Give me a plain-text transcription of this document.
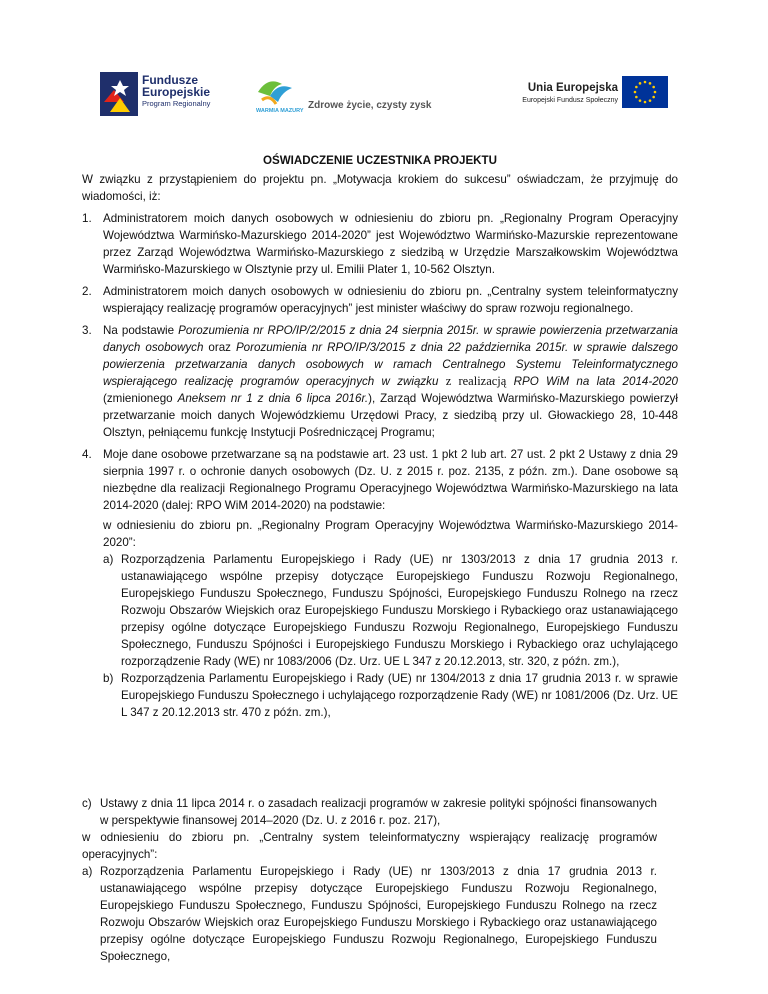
Fundusze
Europejskie
Program Regionalny
WARMIA MAZURY Zdrowe życie, czysty zysk
Unia Europejska
Europejski Fundusz Społeczny
OŚWIADCZENIE UCZESTNIKA PROJEKTU

W związku z przystąpieniem do projektu pn. „Motywacja krokiem do sukcesu” oświadczam, że przyjmuję do wiadomości, iż:

1. Administratorem moich danych osobowych w odniesieniu do zbioru pn. „Regionalny Program Operacyjny Województwa Warmińsko-Mazurskiego 2014-2020” jest Województwo Warmińsko-Mazurskie reprezentowane przez Zarząd Województwa Warmińsko-Mazurskiego z siedzibą w Urzędzie Marszałkowskim Województwa Warmińsko-Mazurskiego w Olsztynie przy ul. Emilii Plater 1, 10-562 Olsztyn.
2. Administratorem moich danych osobowych w odniesieniu do zbioru pn. „Centralny system teleinformatyczny wspierający realizację programów operacyjnych” jest minister właściwy do spraw rozwoju regionalnego.
3. Na podstawie Porozumienia nr RPO/IP/2/2015 z dnia 24 sierpnia 2015r. w sprawie powierzenia przetwarzania danych osobowych oraz Porozumienia nr RPO/IP/3/2015 z dnia 22 października 2015r. w sprawie dalszego powierzenia przetwarzania danych osobowych w ramach Centralnego Systemu Teleinformatycznego wspierającego realizację programów operacyjnych w związku z realizacją RPO WiM na lata 2014-2020 (zmienionego Aneksem nr 1 z dnia 6 lipca 2016r.), Zarząd Województwa Warmińsko-Mazurskiego powierzył przetwarzanie moich danych Wojewódzkiemu Urzędowi Pracy, z siedzibą przy ul. Głowackiego 28, 10-448 Olsztyn, pełniącemu funkcję Instytucji Pośredniczącej Programu;
4. Moje dane osobowe przetwarzane są na podstawie art. 23 ust. 1 pkt 2 lub art. 27 ust. 2 pkt 2 Ustawy z dnia 29 sierpnia 1997 r. o ochronie danych osobowych (Dz. U. z 2015 r. poz. 2135, z późn. zm.). Dane osobowe są niezbędne dla realizacji Regionalnego Programu Operacyjnego Województwa Warmińsko-Mazurskiego na lata 2014-2020 (dalej: RPO WiM 2014-2020) na podstawie:

w odniesieniu do zbioru pn. „Regionalny Program Operacyjny Województwa Warmińsko-Mazurskiego 2014-2020”:

a) Rozporządzenia Parlamentu Europejskiego i Rady (UE) nr 1303/2013 z dnia 17 grudnia 2013 r. ustanawiającego wspólne przepisy dotyczące Europejskiego Funduszu Rozwoju Regionalnego, Europejskiego Funduszu Społecznego, Funduszu Spójności, Europejskiego Funduszu Rolnego na rzecz Rozwoju Obszarów Wiejskich oraz Europejskiego Funduszu Morskiego i Rybackiego oraz ustanawiającego przepisy ogólne dotyczące Europejskiego Funduszu Rozwoju Regionalnego, Europejskiego Funduszu Społecznego, Funduszu Spójności i Europejskiego Funduszu Morskiego i Rybackiego oraz uchylającego rozporządzenie Rady (WE) nr 1083/2006 (Dz. Urz. UE L 347 z 20.12.2013, str. 320, z późn. zm.),
b) Rozporządzenia Parlamentu Europejskiego i Rady (UE) nr 1304/2013 z dnia 17 grudnia 2013 r. w sprawie Europejskiego Funduszu Społecznego i uchylającego rozporządzenie Rady (WE) nr 1081/2006 (Dz. Urz. UE L 347 z 20.12.2013 str. 470 z późn. zm.),
c) Ustawy z dnia 11 lipca 2014 r. o zasadach realizacji programów w zakresie polityki spójności finansowanych w perspektywie finansowej 2014–2020 (Dz. U. z 2016 r. poz. 217),

w odniesieniu do zbioru pn. „Centralny system teleinformatyczny wspierający realizację programów operacyjnych”:

a) Rozporządzenia Parlamentu Europejskiego i Rady (UE) nr 1303/2013 z dnia 17 grudnia 2013 r. ustanawiającego wspólne przepisy dotyczące Europejskiego Funduszu Rozwoju Regionalnego, Europejskiego Funduszu Społecznego, Funduszu Spójności, Europejskiego Funduszu Rolnego na rzecz Rozwoju Obszarów Wiejskich oraz Europejskiego Funduszu Morskiego i Rybackiego oraz ustanawiającego przepisy ogólne dotyczące Europejskiego Funduszu Rozwoju Regionalnego, Europejskiego Funduszu Społecznego,
